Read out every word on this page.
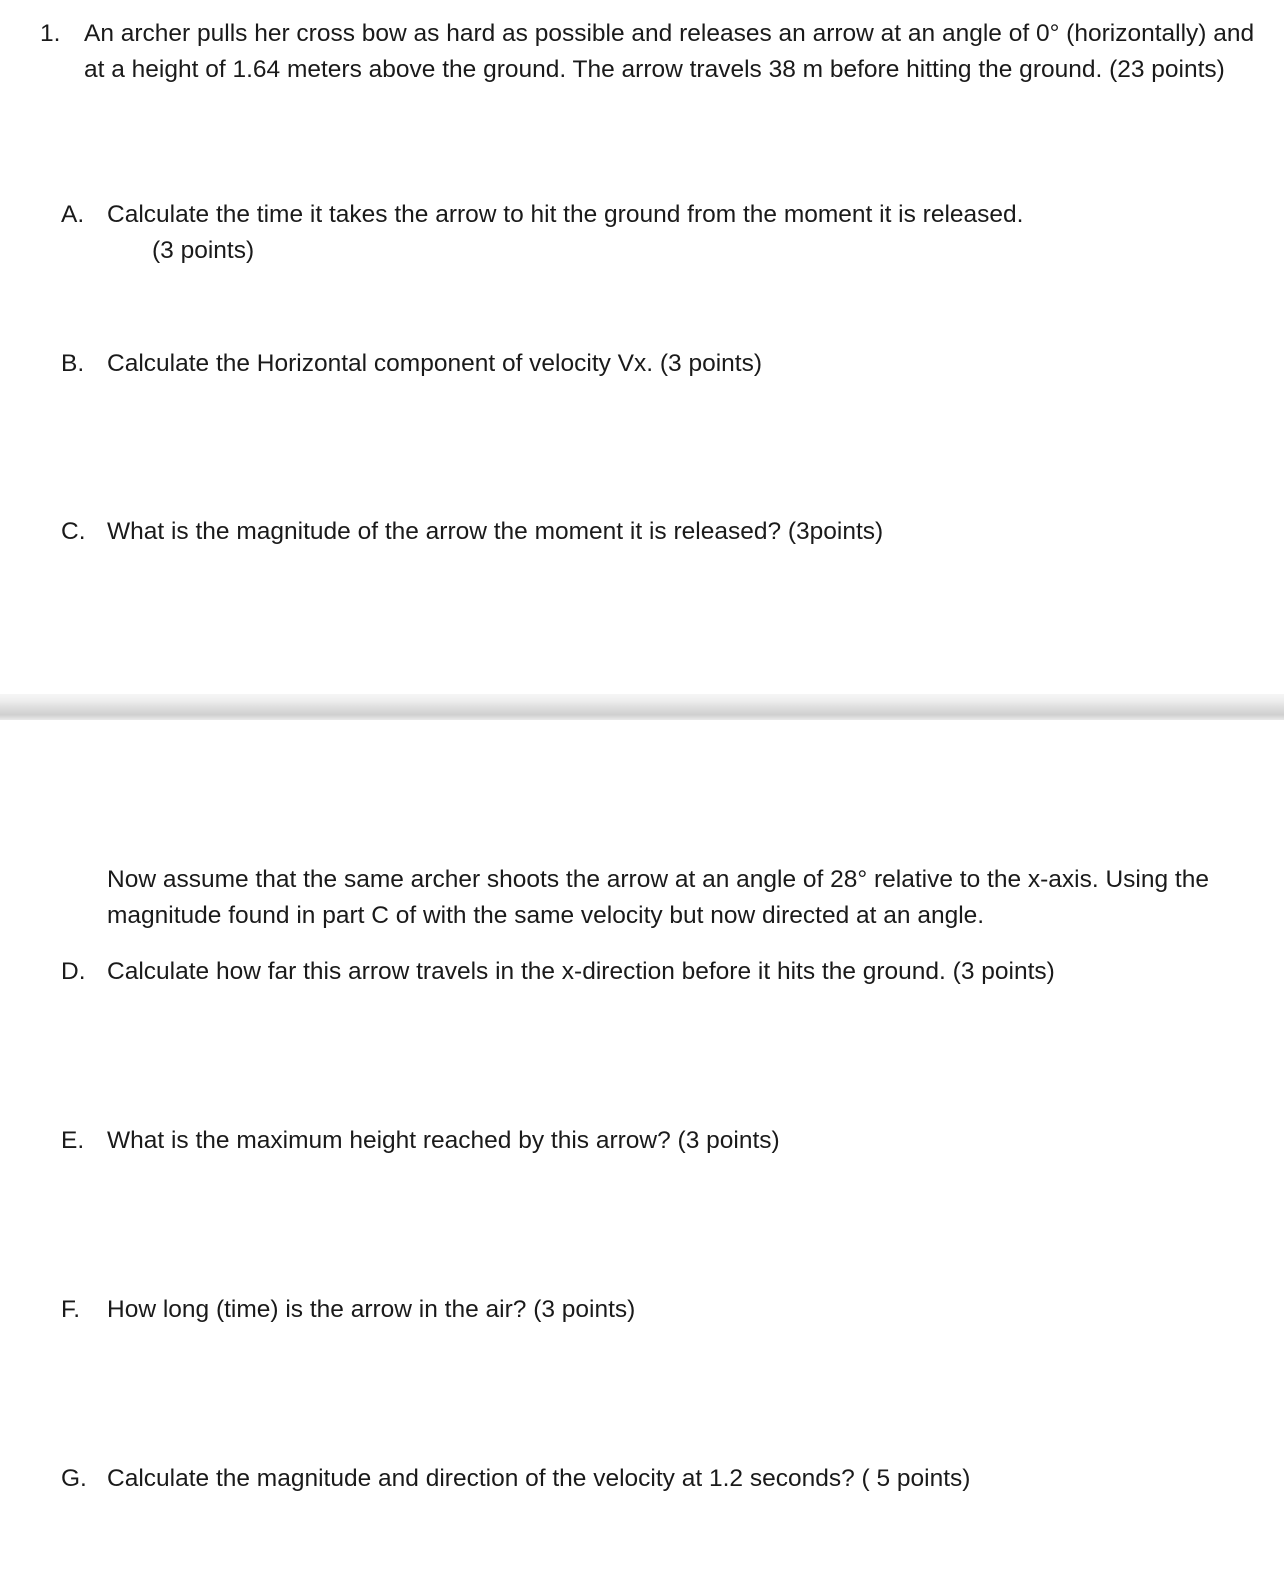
1. An archer pulls her cross bow as hard as possible and releases an arrow at an angle of 0° (horizontally) and at a height of 1.64 meters above the ground. The arrow travels 38 m before hitting the ground. (23 points)
A. Calculate the time it takes the arrow to hit the ground from the moment it is released.
(3 points)
B. Calculate the Horizontal component of velocity Vx. (3 points)
C. What is the magnitude of the arrow the moment it is released? (3points)
Now assume that the same archer shoots the arrow at an angle of 28° relative to the x-axis. Using the magnitude found in part C of with the same velocity but now directed at an angle.
D. Calculate how far this arrow travels in the x-direction before it hits the ground. (3 points)
E. What is the maximum height reached by this arrow? (3 points)
F. How long (time) is the arrow in the air? (3 points)
G. Calculate the magnitude and direction of the velocity at 1.2 seconds? ( 5 points)
